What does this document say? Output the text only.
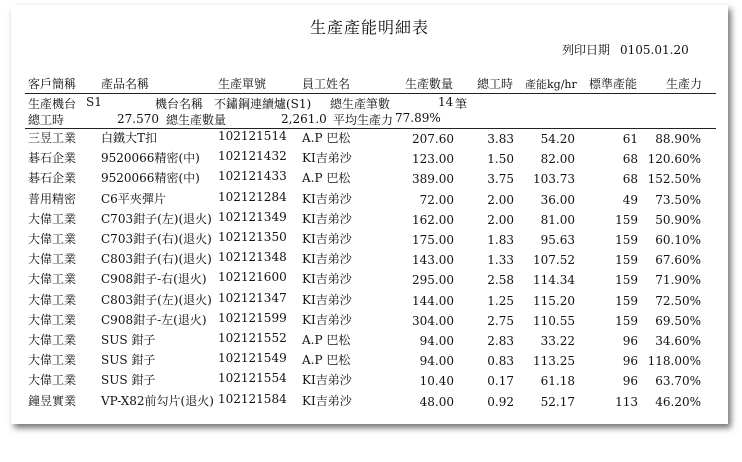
生產產能明細表
列印日期 0105.01.20
客戶簡稱 產品名稱	生產單號	員工姓名	生產數量 總工時 產能kg/hr 標準產能 生產力
生產機台 S1	機台名稱 不鏽鋼連續爐(S1) 總生產筆數	14 筆
總工時	27.570 總生產數量	2,261.0 平均生產力 77.89%
三昱工業 白鐵大T扣	102121514 A.P 巴松	207.60	3.83 54.20	61 88.90%
碁石企業 9520066精密(中) 102121432 KI吉弟沙	123.00	1.50 82.00	68 120.60%
碁石企業 9520066精密(中) 102121433 A.P 巴松	389.00	3.75 103.73	68 152.50%
普用精密 C6平夾彈片	102121284 KI吉弟沙	72.00	2.00 36.00	49 73.50%
大偉工業 C703鉗子(左)(退火) 102121349 KI吉弟沙	162.00	2.00 81.00	159 50.90%
大偉工業 C703鉗子(右)(退火) 102121350 KI吉弟沙	175.00	1.83 95.63	159 60.10%
大偉工業 C803鉗子(右)(退火) 102121348 KI吉弟沙	143.00	1.33 107.52	159 67.60%
大偉工業 C908鉗子-右(退火) 102121600 KI吉弟沙	295.00	2.58 114.34	159 71.90%
大偉工業 C803鉗子(左)(退火) 102121347 KI吉弟沙	144.00	1.25 115.20	159 72.50%
大偉工業 C908鉗子-左(退火) 102121599 KI吉弟沙	304.00	2.75 110.55	159 69.50%
大偉工業 SUS 鉗子	102121552 A.P 巴松	94.00	2.83 33.22	96 34.60%
大偉工業 SUS 鉗子	102121549 A.P 巴松	94.00	0.83 113.25	96 118.00%
大偉工業 SUS 鉗子	102121554 KI吉弟沙	10.40	0.17 61.18	96 63.70%
鐘昱實業 VP-X82前勾片(退火) 102121584 KI吉弟沙	48.00	0.92 52.17	113 46.20%
